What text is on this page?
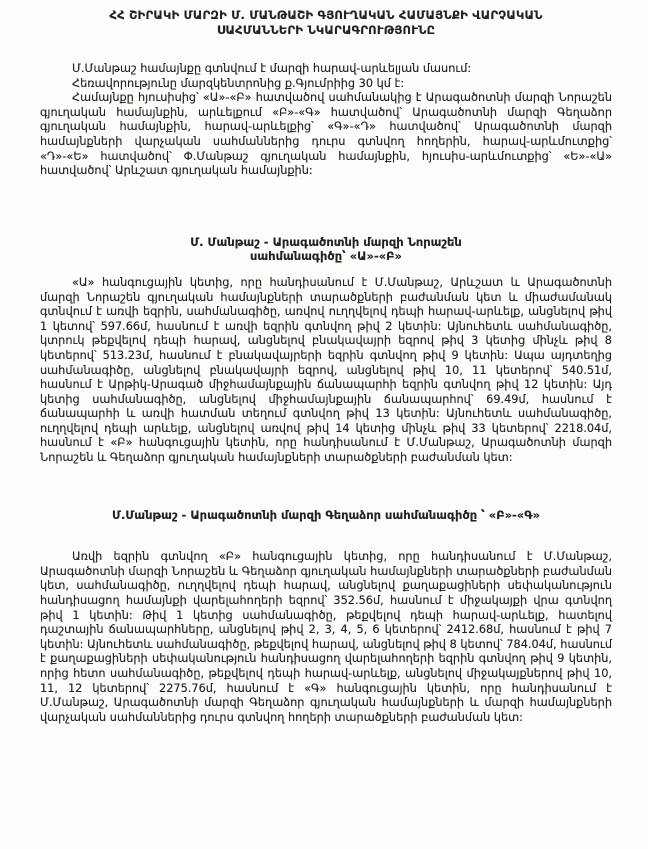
ՀՀ ՇԻՐԱԿԻ ՄԱՐԶԻ Մ. ՄԱՆԹԱՇԻ ԳՅՈՒՂԱԿԱՆ ՀԱՄԱՅՆՔԻ ՎԱՐՉԱԿԱՆ
ՍԱՀՄԱՆՆԵՐԻ ՆԿԱՐԱԳՐՈՒԹՅՈՒՆԸ

Մ.Մանթաշ համայնքը գտնվում է մարզի հարավ-արևելյան մասում:

Հեռավորությունը մարզկենտրոնից ք.Գյումրիից 30 կմ է:

Համայնքը հյուսիսից՝ «Ա»-«Բ» հատվածով սահմանակից է Արագածոտնի մարզի Նորաշեն գյուղական համայնքին, արևելքում «Բ»-«Գ» հատվածով՝ Արագածոտնի մարզի Գեղաձոր գյուղական համայնքին, հարավ-արևելքից՝ «Գ»-«Դ» հատվածով՝ Արագածոտնի մարզի համայնքների վարչական սահմաններից դուրս գտնվող հողերին, հարավ-արևմուտքից՝ «Դ»-«Ե» հատվածով՝ Փ.Մանթաշ գյուղական համայնքին, հյուսիս-արևմուտքից՝ «Ե»-«Ա» հատվածով՝ Արևշատ գյուղական համայնքին:

Մ. Մանթաշ - Արագածոտնի մարզի Նորաշեն
սահմանագիծը՝ «Ա»-«Բ»

«Ա» հանգուցային կետից, որը հանդիսանում է Մ.Մանթաշ, Արևշատ և Արագածոտնի մարզի Նորաշեն գյուղական համայնքների տարածքների բաժանման կետ և միաժամանակ գտնվում է առվի եզրին, սահմանագիծը, առվով ուղղվելով դեպի հարավ-արևելք, անցնելով թիվ 1 կետով՝ 597.66մ, հասնում է առվի եզրին գտնվող թիվ 2 կետին: Այնուհետև սահմանագիծը, կտրուկ թեքվելով դեպի հարավ, անցնելով բնակավայրի եզրով թիվ 3 կետից մինչև թիվ 8 կետերով՝ 513.23մ, հասնում է բնակավայրերի եզրին գտնվող թիվ 9 կետին: Ապա այդտեղից սահմանագիծը, անցնելով բնակավայրի եզրով, անցնելով թիվ 10, 11 կետերով՝ 540.51մ, հասնում է Արթիկ-Արագած միջհամայնքային ճանապարհի եզրին գտնվող թիվ 12 կետին: Այդ կետից սահմանագիծը, անցնելով միջհամայնքային ճանապարհով՝ 69.49մ, հասնում է ճանապարհի և առվի հատման տեղում գտնվող թիվ 13 կետին: Այնուհետև սահմանագիծը, ուղղվելով դեպի արևելք, անցնելով առվով թիվ 14 կետից մինչև թիվ 33 կետերով՝ 2218.04մ, հասնում է «Բ» հանգուցային կետին, որը հանդիսանում է Մ.Մանթաշ, Արագածոտնի մարզի Նորաշեն և Գեղաձոր գյուղական համայնքների տարածքների բաժանման կետ:

Մ.Մանթաշ - Արագածոտնի մարզի Գեղաձոր սահմանագիծը ՝ «Բ»-«Գ»

Առվի եզրին գտնվող «Բ» հանգուցային կետից, որը հանդիսանում է Մ.Մանթաշ, Արագածոտնի մարզի Նորաշեն և Գեղաձոր գյուղական համայնքների տարածքների բաժանման կետ, սահմանագիծը, ուղղվելով դեպի հարավ, անցնելով քաղաքացիների սեփականություն հանդիսացող համայնքի վարելահողերի եզրով՝ 352.56մ, հասնում է միջակայքի վրա գտնվող թիվ 1 կետին: Թիվ 1 կետից սահմանագիծը, թեքվելով դեպի հարավ-արևելք, հատելով դաշտային ճանապարհները, անցնելով թիվ 2, 3, 4, 5, 6 կետերով՝ 2412.68մ, հասնում է թիվ 7 կետին: Այնուհետև սահմանագիծը, թեքվելով հարավ, անցնելով թիվ 8 կետով՝ 784.04մ, հասնում է քաղաքացիների սեփականություն հանդիսացող վարելահողերի եզրին գտնվող թիվ 9 կետին, որից հետո սահմանագիծը, թեքվելով դեպի հարավ-արևելք, անցնելով միջակայքներով թիվ 10, 11, 12 կետերով՝ 2275.76մ, հասնում է «Գ» հանգուցային կետին, որը հանդիսանում է Մ.Մանթաշ, Արագածոտնի մարզի Գեղաձոր գյուղական համայնքների և մարզի համայնքների վարչական սահմաններից դուրս գտնվող հողերի տարածքների բաժանման կետ:
